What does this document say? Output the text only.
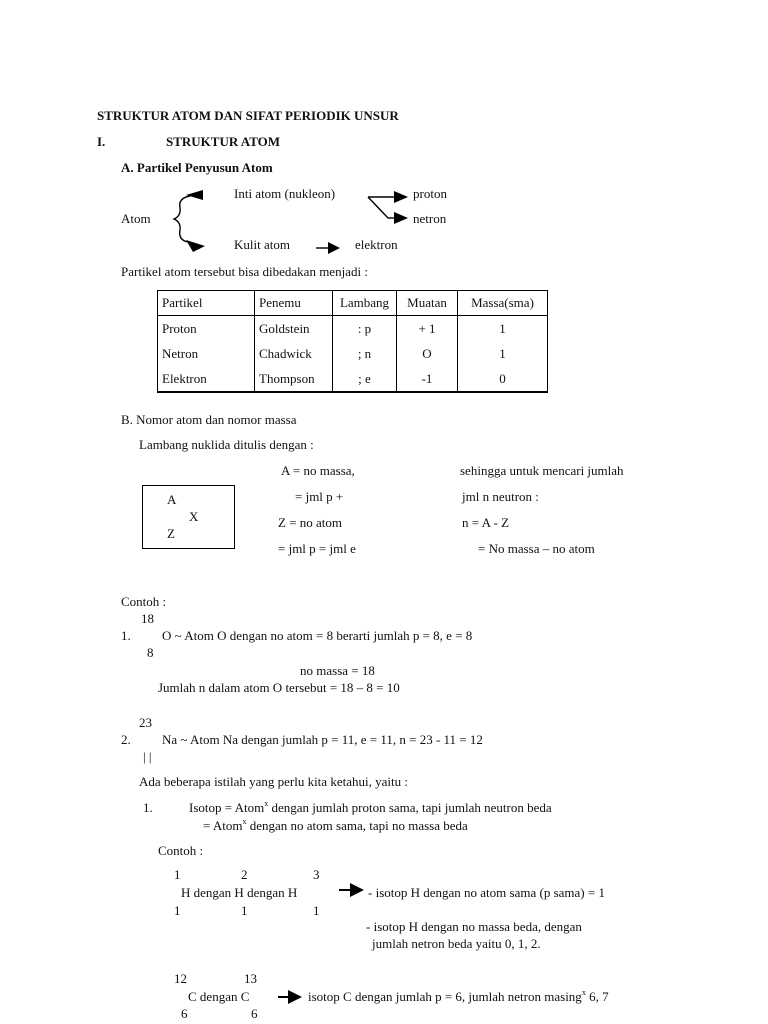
STRUKTUR ATOM DAN SIFAT PERIODIK UNSUR
I.	STRUKTUR ATOM
A. Partikel Penyusun Atom
Inti atom (nukleon)
Atom
Kulit atom
proton
netron
elektron
Partikel atom tersebut bisa dibedakan menjadi :
Partikel	Penemu	Lambang	Muatan	Massa(sma)
Proton	Goldstein	: p	+ 1	1
Netron	Chadwick	; n	O	1
Elektron	Thompson	; e	-1	0
B. Nomor atom dan nomor massa
Lambang nuklida ditulis dengan :
A
X
Z
A = no massa,
= jml p +
Z = no atom
= jml p = jml e
sehingga untuk mencari jumlah
jml n neutron :
n = A - Z
= No massa – no atom
Contoh :
18
1. O ~ Atom O dengan no atom = 8 berarti jumlah p = 8, e = 8
8
no massa = 18
Jumlah n dalam atom O tersebut = 18 – 8 = 10
23
2. Na ~ Atom Na dengan jumlah p = 11, e = 11, n = 23 - 11 = 12
| |
Ada beberapa istilah yang perlu kita ketahui, yaitu :
1.	Isotop = Atom$^x$ dengan jumlah proton sama, tapi jumlah neutron beda
= Atom$^x$ dengan no atom sama, tapi no massa beda
Contoh :
1	2	3
H dengan H dengan H
1	1	1
- isotop H dengan no atom sama (p sama) = 1
- isotop H dengan no massa beda, dengan
jumlah netron beda yaitu 0, 1, 2.
12	13
C dengan C
6	6
isotop C dengan jumlah p = 6, jumlah netron masing$^x$ 6, 7
